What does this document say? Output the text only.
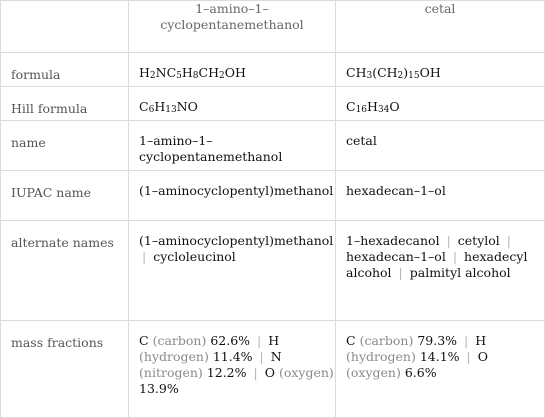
	1–amino–1–cyclopentanemethanol	cetal
formula	$H_2NC_5H_8CH_2OH$	$CH_3(CH_2)_{15}OH$
Hill formula	$C_6H_{13}NO$	$C_{16}H_{34}O$
name	1–amino–1–cyclopentanemethanol	cetal
IUPAC name	(1–aminocyclopentyl)methanol	hexadecan–1–ol
alternate names	(1–aminocyclopentyl)methanol | cycloleucinol	1–hexadecanol | cetylol | hexadecan–1–ol | hexadecyl alcohol | palmityl alcohol
mass fractions	C (carbon) 62.6% | H (hydrogen) 11.4% | N (nitrogen) 12.2% | O (oxygen) 13.9%	C (carbon) 79.3% | H (hydrogen) 14.1% | O (oxygen) 6.6%
